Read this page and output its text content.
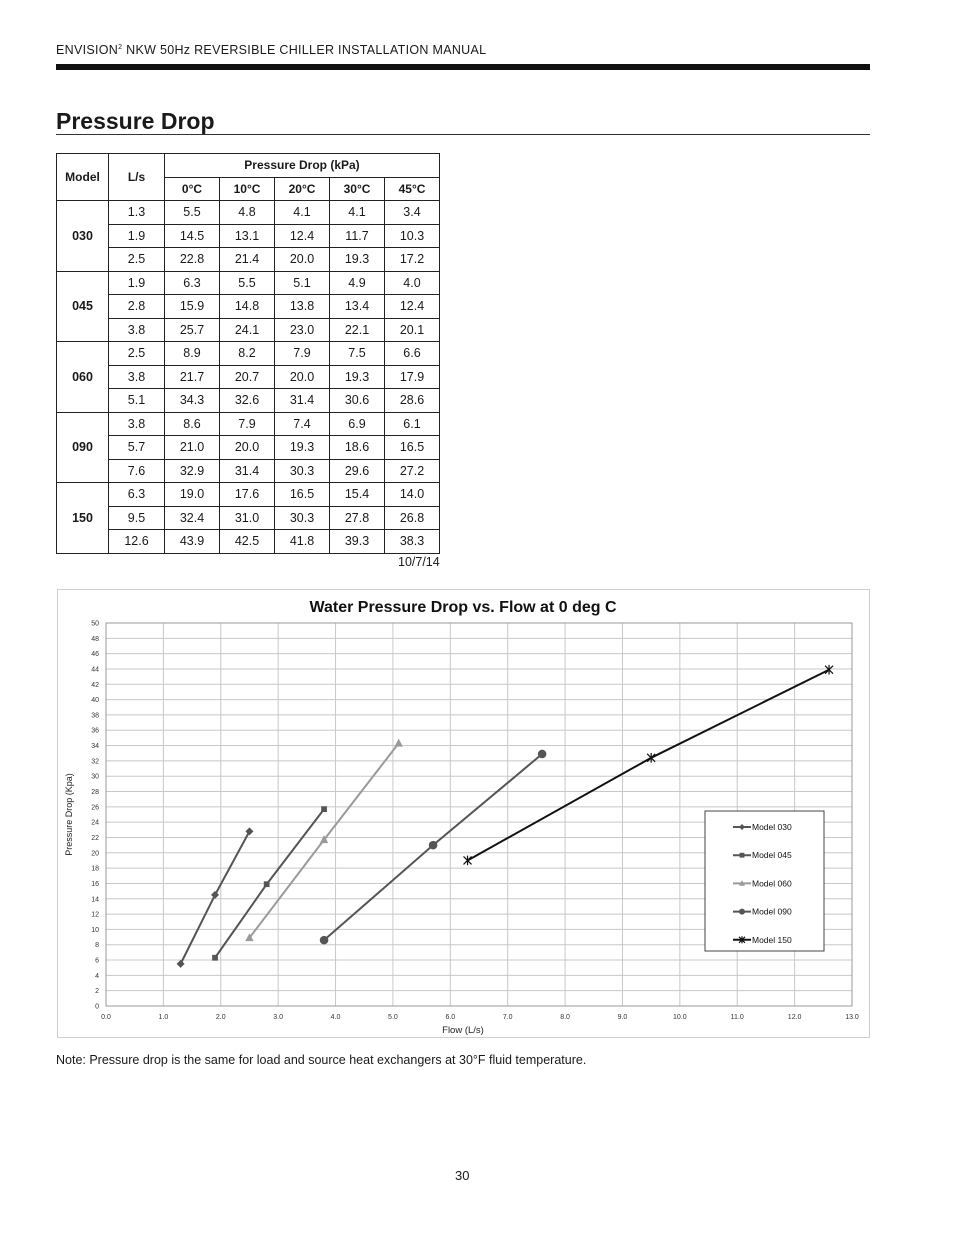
ENVISION$^2$ NKW 50Hz REVERSIBLE CHILLER INSTALLATION MANUAL
Pressure Drop
Model	L/s	Pressure Drop (kPa)				
		0°C	10°C	20°C	30°C	45°C
030	1.3	5.5	4.8	4.1	4.1	3.4
	1.9	14.5	13.1	12.4	11.7	10.3
	2.5	22.8	21.4	20.0	19.3	17.2
045	1.9	6.3	5.5	5.1	4.9	4.0
	2.8	15.9	14.8	13.8	13.4	12.4
	3.8	25.7	24.1	23.0	22.1	20.1
060	2.5	8.9	8.2	7.9	7.5	6.6
	3.8	21.7	20.7	20.0	19.3	17.9
	5.1	34.3	32.6	31.4	30.6	28.6
090	3.8	8.6	7.9	7.4	6.9	6.1
	5.7	21.0	20.0	19.3	18.6	16.5
	7.6	32.9	31.4	30.3	29.6	27.2
150	6.3	19.0	17.6	16.5	15.4	14.0
	9.5	32.4	31.0	30.3	27.8	26.8
	12.6	43.9	42.5	41.8	39.3	38.3
10/7/14
Water Pressure Drop vs. Flow at 0 deg C
0
2
4
6
8
10
12
14
16
18
20
22
24
26
28
30
32
34
36
38
40
42
44
46
48
50
0.0	1.0	2.0	3.0	4.0	5.0	6.0	7.0	8.0	9.0	10.0	11.0	12.0	13.0
Flow (L/s)
Pressure Drop (Kpa)	Model 030
Model 045
Model 060
Model 090
Model 150
Note: Pressure drop is the same for load and source heat exchangers at 30°F fluid temperature.
30
